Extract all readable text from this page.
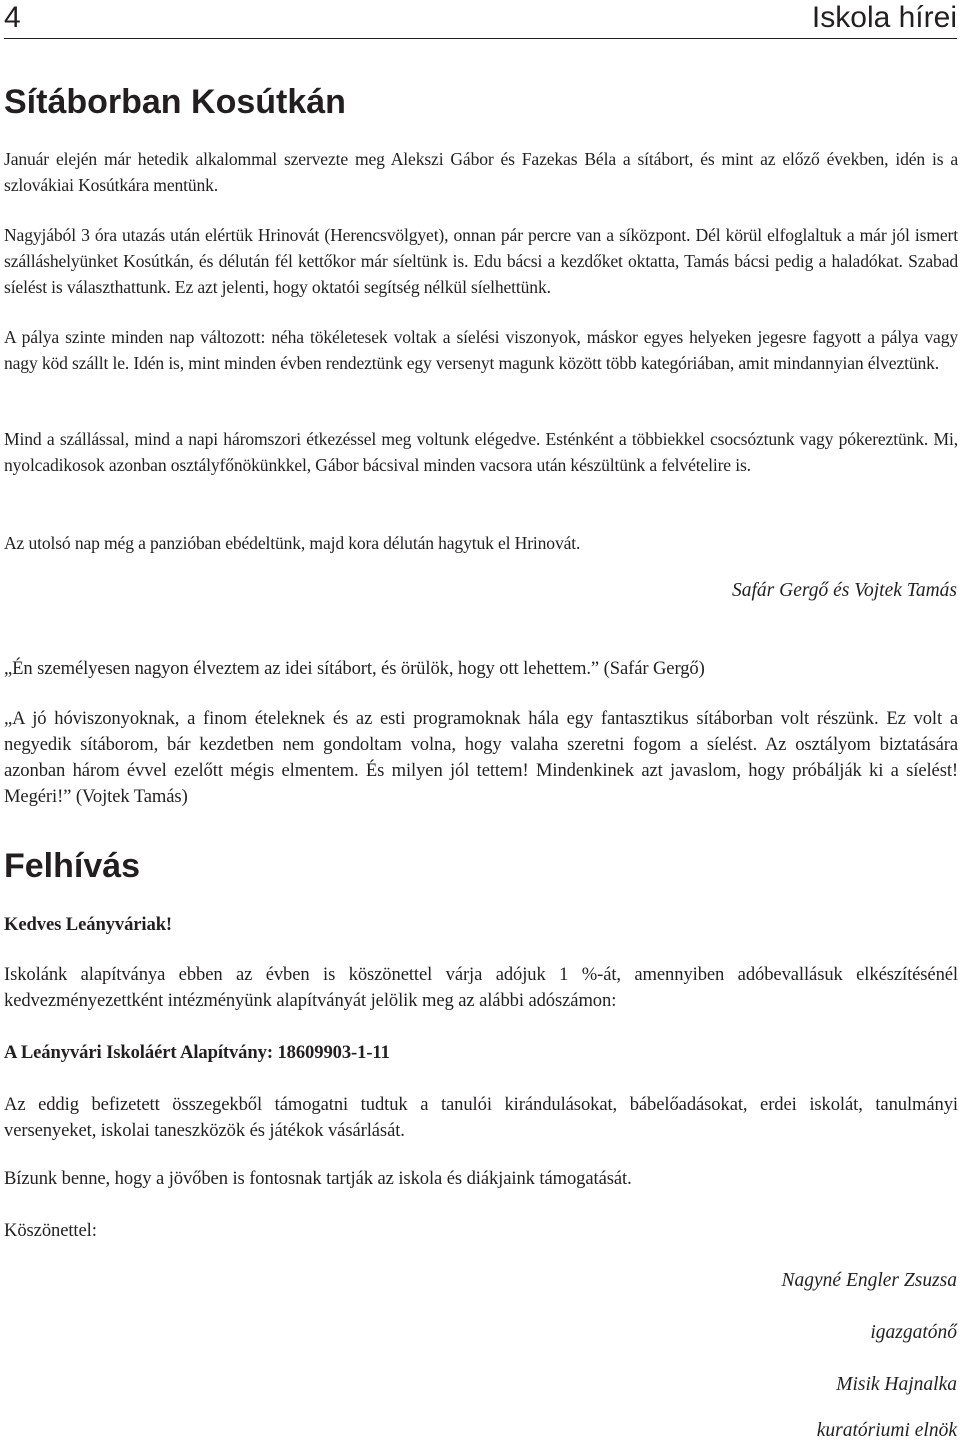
4	Iskola hírei
Sítáborban Kosútkán

Január elején már hetedik alkalommal szervezte meg Alekszi Gábor és Fazekas Béla a sítábort, és mint az előző években, idén is a szlovákiai Kosútkára mentünk.

Nagyjából 3 óra utazás után elértük Hrinovát (Herencsvölgyet), onnan pár percre van a síközpont. Dél körül elfoglaltuk a már jól ismert szálláshelyünket Kosútkán, és délután fél kettőkor már síeltünk is. Edu bácsi a kezdőket oktatta, Tamás bácsi pedig a haladókat. Szabad síelést is választhattunk. Ez azt jelenti, hogy oktatói segítség nélkül síelhettünk.

A pálya szinte minden nap változott: néha tökéletesek voltak a síelési viszonyok, máskor egyes helyeken jegesre fagyott a pálya vagy nagy köd szállt le. Idén is, mint minden évben rendeztünk egy versenyt magunk között több kategóriában, amit mindannyian élveztünk.

Mind a szállással, mind a napi háromszori étkezéssel meg voltunk elégedve. Esténként a többiekkel csocsóztunk vagy pókereztünk. Mi, nyolcadikosok azonban osztályfőnökünkkel, Gábor bácsival minden vacsora után készültünk a felvételire is.

Az utolsó nap még a panzióban ebédeltünk, majd kora délután hagytuk el Hrinovát.

Safár Gergő és Vojtek Tamás

„Én személyesen nagyon élveztem az idei sítábort, és örülök, hogy ott lehettem.” (Safár Gergő)

„A jó hóviszonyoknak, a finom ételeknek és az esti programoknak hála egy fantasztikus sítáborban volt részünk. Ez volt a negyedik sítáborom, bár kezdetben nem gondoltam volna, hogy valaha szeretni fogom a síelést. Az osztályom biztatására azonban három évvel ezelőtt mégis elmentem. És milyen jól tettem! Mindenkinek azt javaslom, hogy próbálják ki a síelést! Megéri!” (Vojtek Tamás)

Felhívás

Kedves Leányváriak!

Iskolánk alapítványa ebben az évben is köszönettel várja adójuk 1 %-át, amennyiben adóbevallásuk elkészítésénél kedvezményezettként intézményünk alapítványát jelölik meg az alábbi adószámon:

A Leányvári Iskoláért Alapítvány: 18609903-1-11

Az eddig befizetett összegekből támogatni tudtuk a tanulói kirándulásokat, bábelőadásokat, erdei iskolát, tanulmányi versenyeket, iskolai taneszközök és játékok vásárlását.

Bízunk benne, hogy a jövőben is fontosnak tartják az iskola és diákjaink támogatását.

Köszönettel:

Nagyné Engler Zsuzsa

igazgatónő

Misik Hajnalka

kuratóriumi elnök
